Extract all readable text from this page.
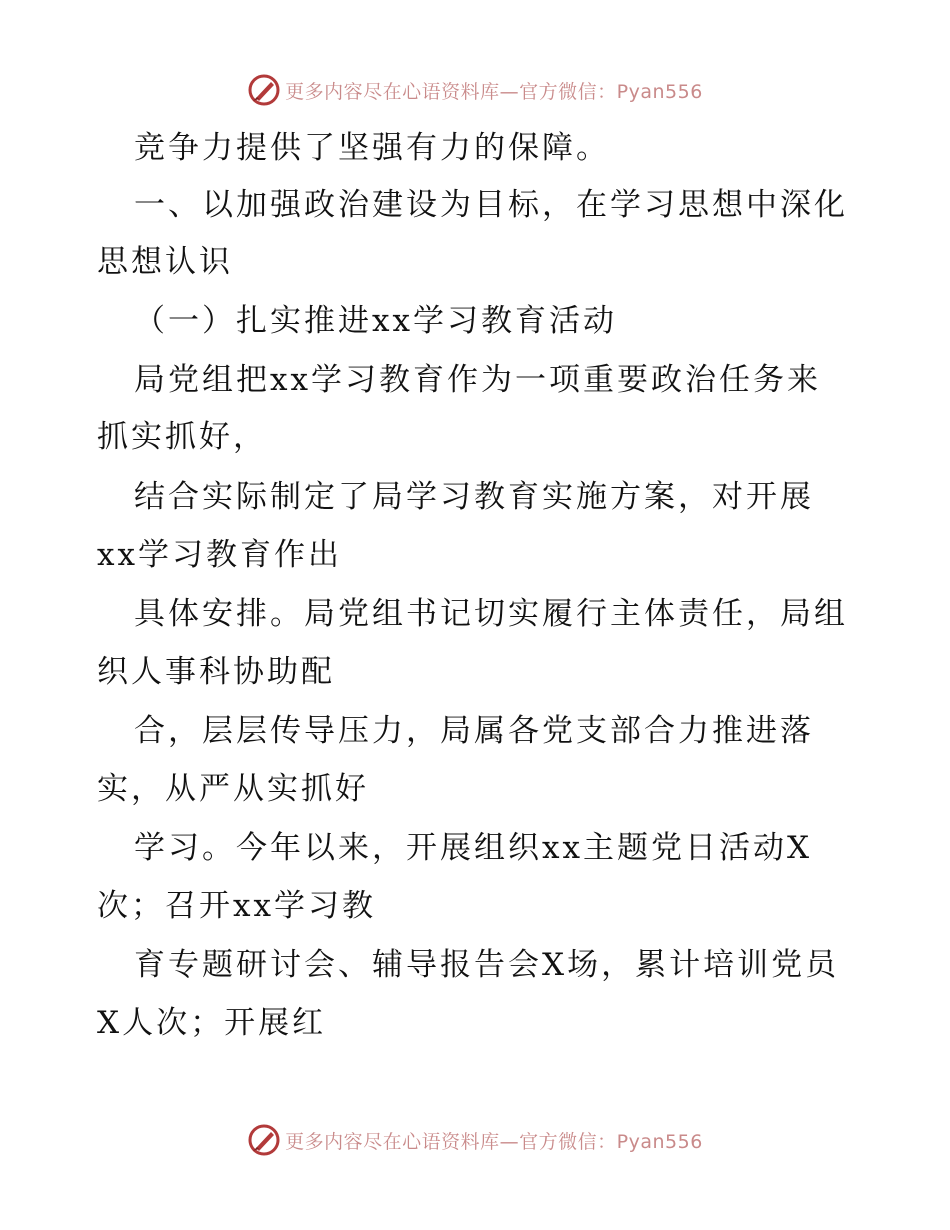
更多内容尽在心语资料库—官方微信：Pyan556
竞争力提供了坚强有力的保障。
一、以加强政治建设为目标，在学习思想中深化
思想认识
（一）扎实推进xx学习教育活动
局党组把xx学习教育作为一项重要政治任务来
抓实抓好，
结合实际制定了局学习教育实施方案，对开展
xx学习教育作出
具体安排。局党组书记切实履行主体责任，局组
织人事科协助配
合，层层传导压力，局属各党支部合力推进落
实，从严从实抓好
学习。今年以来，开展组织xx主题党日活动X
次；召开xx学习教
育专题研讨会、辅导报告会X场，累计培训党员
X人次；开展红
更多内容尽在心语资料库—官方微信：Pyan556
